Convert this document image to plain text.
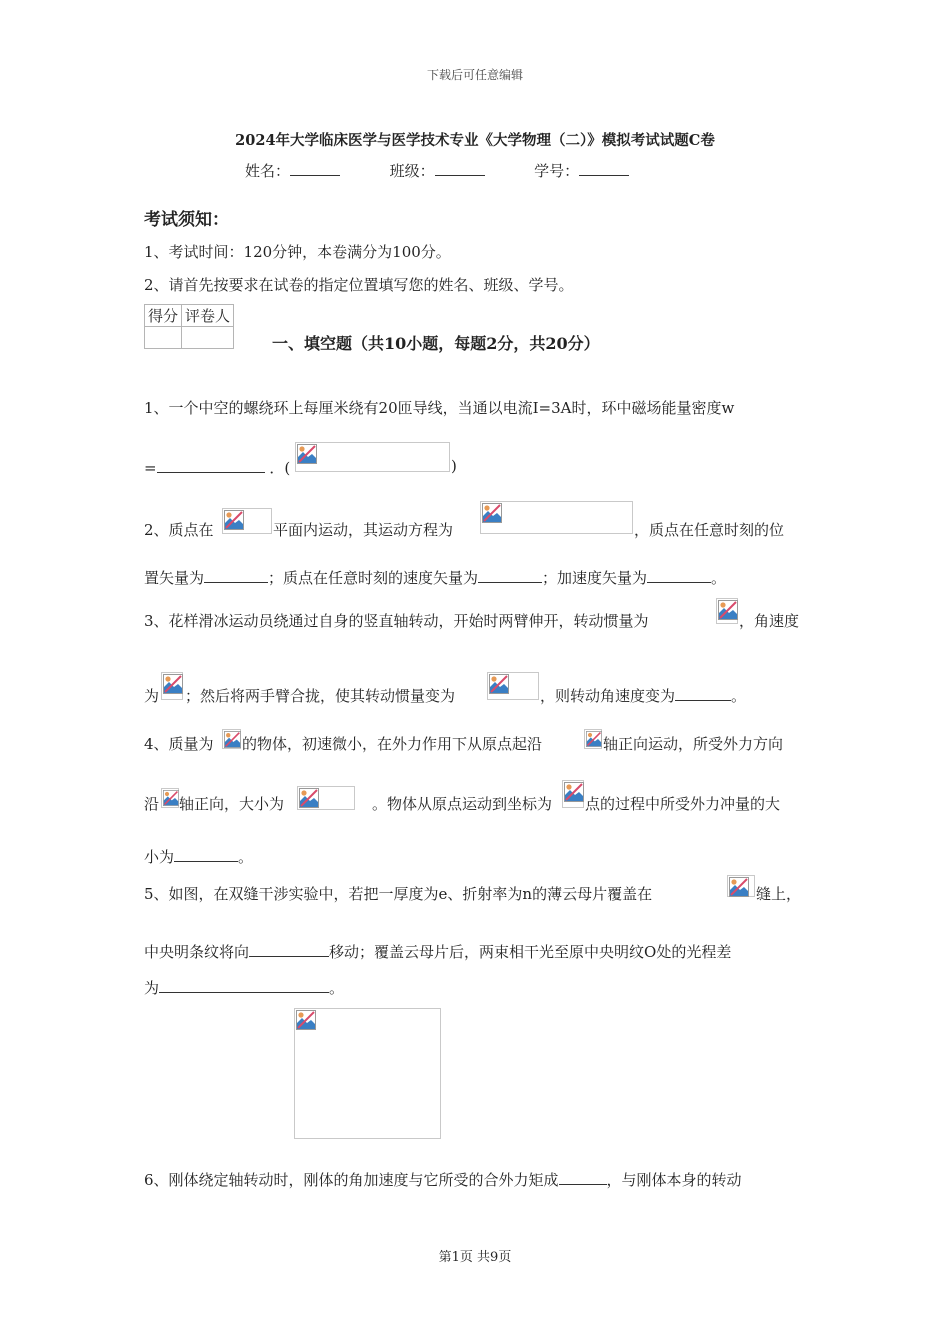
下载后可任意编辑
2024年大学临床医学与医学技术专业《大学物理（二）》模拟考试试题C卷
姓名：	班级：	学号：
考试须知：
1、考试时间：120分钟，本卷满分为100分。
2、请首先按要求在试卷的指定位置填写您的姓名、班级、学号。
得分	评卷人

一、填空题（共10小题，每题2分，共20分）
1、一个中空的螺绕环上每厘米绕有20匝导线，当通以电流I=3A时，环中磁场能量密度w
=	．(	)
2、质点在	平面内运动，其运动方程为	，质点在任意时刻的位
置矢量为	；质点在任意时刻的速度矢量为	；加速度矢量为	。
3、花样滑冰运动员绕通过自身的竖直轴转动，开始时两臂伸开，转动惯量为	，角速度
为 ；然后将两手臂合拢，使其转动惯量变为	，则转动角速度变为	。
4、质量为 的物体，初速微小，在外力作用下从原点起沿	轴正向运动，所受外力方向
沿 轴正向，大小为	。物体从原点运动到坐标为 点的过程中所受外力冲量的大
小为	。
5、如图，在双缝干涉实验中，若把一厚度为e、折射率为n的薄云母片覆盖在	缝上，
中央明条纹将向	移动；覆盖云母片后，两束相干光至原中央明纹O处的光程差
为	。
6、刚体绕定轴转动时，刚体的角加速度与它所受的合外力矩成	，与刚体本身的转动
第1页 共9页
